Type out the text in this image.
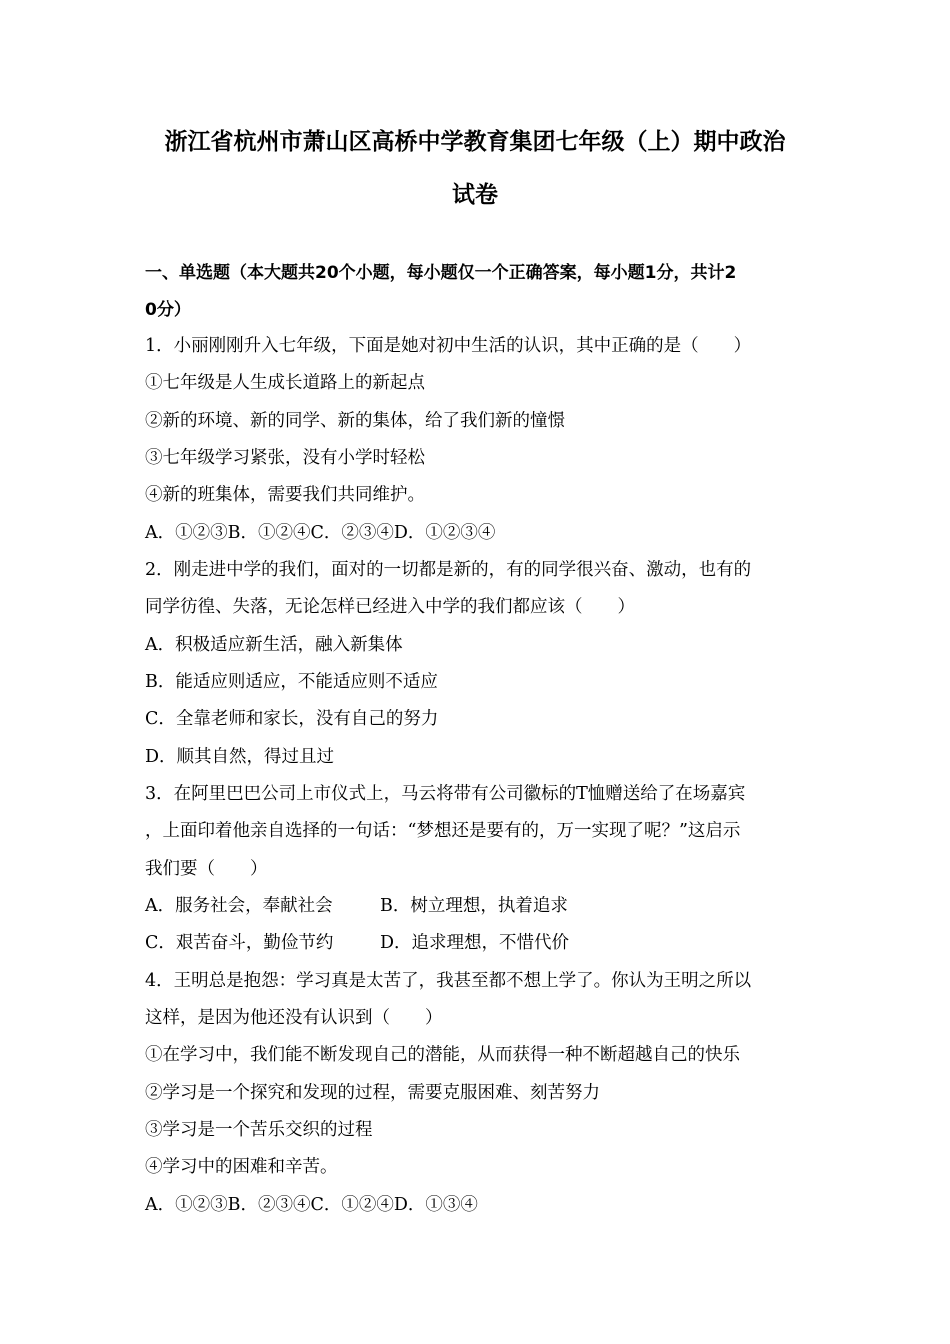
浙江省杭州市萧山区高桥中学教育集团七年级（上）期中政治
试卷
一、单选题（本大题共20个小题，每小题仅一个正确答案，每小题1分，共计2
0分）
1．小丽刚刚升入七年级，下面是她对初中生活的认识，其中正确的是（　　）
①七年级是人生成长道路上的新起点
②新的环境、新的同学、新的集体，给了我们新的憧憬
③七年级学习紧张，没有小学时轻松
④新的班集体，需要我们共同维护。
A．①②③B．①②④C．②③④D．①②③④
2．刚走进中学的我们，面对的一切都是新的，有的同学很兴奋、激动，也有的
同学彷徨、失落，无论怎样已经进入中学的我们都应该（　　）
A．积极适应新生活，融入新集体
B．能适应则适应，不能适应则不适应
C．全靠老师和家长，没有自己的努力
D．顺其自然，得过且过
3．在阿里巴巴公司上市仪式上，马云将带有公司徽标的T恤赠送给了在场嘉宾
，上面印着他亲自选择的一句话：“梦想还是要有的，万一实现了呢？”这启示
我们要（　　）
A．服务社会，奉献社会	B．树立理想，执着追求
C．艰苦奋斗，勤俭节约	D．追求理想，不惜代价
4．王明总是抱怨：学习真是太苦了，我甚至都不想上学了。你认为王明之所以
这样，是因为他还没有认识到（　　）
①在学习中，我们能不断发现自己的潜能，从而获得一种不断超越自己的快乐
②学习是一个探究和发现的过程，需要克服困难、刻苦努力
③学习是一个苦乐交织的过程
④学习中的困难和辛苦。
A．①②③B．②③④C．①②④D．①③④
